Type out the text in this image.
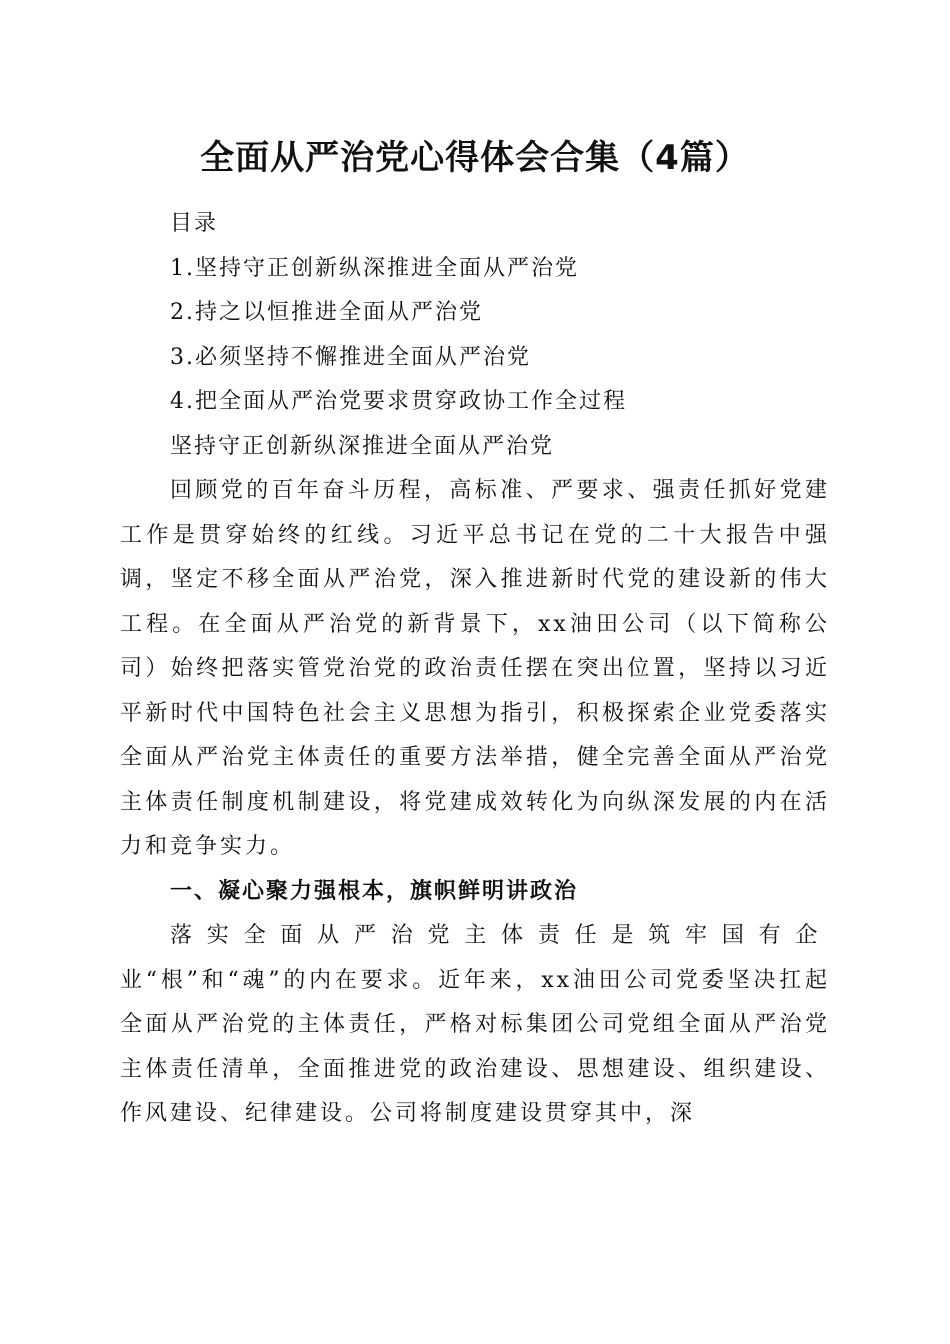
全面从严治党心得体会合集（4篇）

目录

1.坚持守正创新纵深推进全面从严治党

2.持之以恒推进全面从严治党

3.必须坚持不懈推进全面从严治党

4.把全面从严治党要求贯穿政协工作全过程

坚持守正创新纵深推进全面从严治党

回顾党的百年奋斗历程，高标准、严要求、强责任抓好党建工作是贯穿始终的红线。习近平总书记在党的二十大报告中强调，坚定不移全面从严治党，深入推进新时代党的建设新的伟大工程。在全面从严治党的新背景下，xx油田公司（以下简称公司）始终把落实管党治党的政治责任摆在突出位置，坚持以习近平新时代中国特色社会主义思想为指引，积极探索企业党委落实全面从严治党主体责任的重要方法举措，健全完善全面从严治党主体责任制度机制建设，将党建成效转化为向纵深发展的内在活力和竞争实力。

一、凝心聚力强根本，旗帜鲜明讲政治

落实全面从严治党主体责任是筑牢国有企业“根”和“魂”的内在要求。近年来，xx油田公司党委坚决扛起全面从严治党的主体责任，严格对标集团公司党组全面从严治党主体责任清单，全面推进党的政治建设、思想建设、组织建设、作风建设、纪律建设。公司将制度建设贯穿其中，深
